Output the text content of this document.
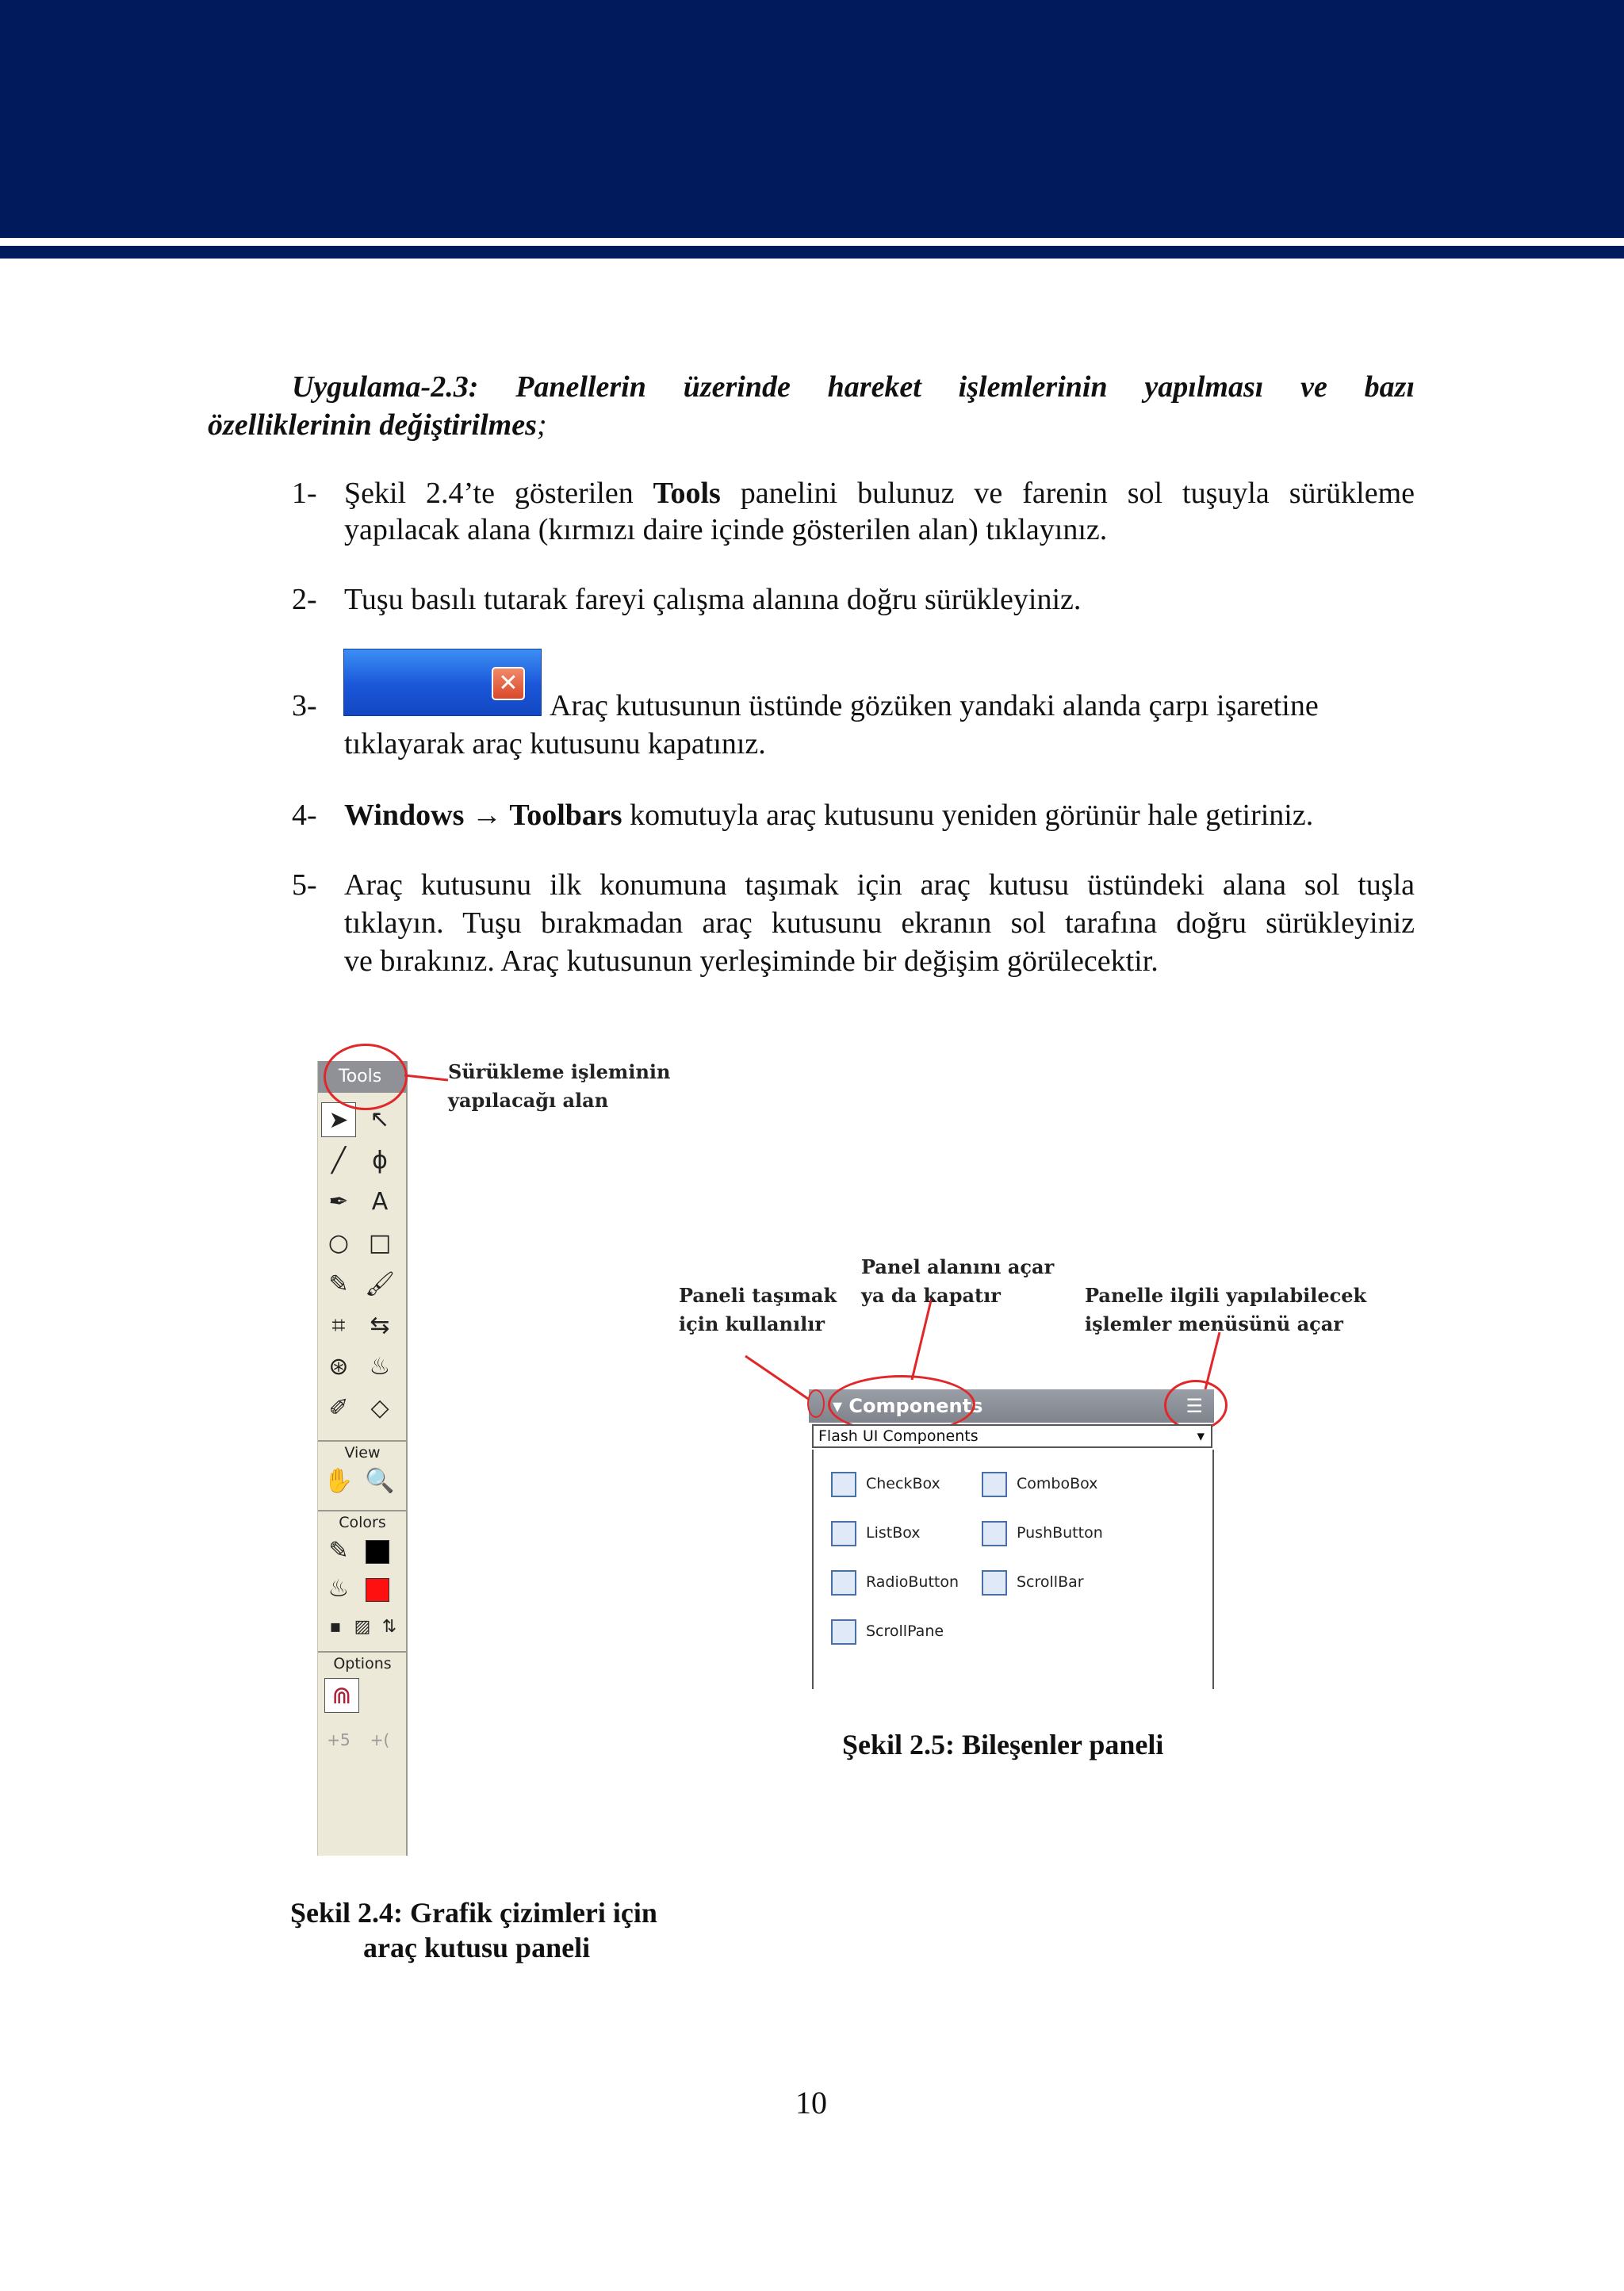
Uygulama-2.3: Panellerin üzerinde hareket işlemlerinin yapılması ve bazı
özelliklerinin değiştirilmes;
1- Şekil 2.4’te gösterilen Tools panelini bulunuz ve farenin sol tuşuyla sürükleme
yapılacak alana (kırmızı daire içinde gösterilen alan) tıklayınız.
2- Tuşu basılı tutarak fareyi çalışma alanına doğru sürükleyiniz.
3-
✕
Araç kutusunun üstünde gözüken yandaki alanda çarpı işaretine
tıklayarak araç kutusunu kapatınız.
4- Windows → Toolbars komutuyla araç kutusunu yeniden görünür hale getiriniz.
5- Araç kutusunu ilk konumuna taşımak için araç kutusu üstündeki alana sol tuşla
tıklayın. Tuşu bırakmadan araç kutusunu ekranın sol tarafına doğru sürükleyiniz
ve bırakınız. Araç kutusunun yerleşiminde bir değişim görülecektir.
Tools
➤ ↖
╱	ϕ
✒ A
○ □
✎ 🖌
⌗	⇆
⊛ ♨
✐ ◇
View
✋ 🔍
Colors
✎
♨
▪ ▨ ⇅
Options
⋒
+5	+(
Sürükleme işleminin
yapılacağı alan
Paneli taşımak
için kullanılır
Panel alanını açar
ya da kapatır	Panelle ilgili yapılabilecek
işlemler menüsünü açar
▾ Components	☰
Flash UI Components	▾
CheckBox	ComboBox
ListBox	PushButton
RadioButton	ScrollBar
ScrollPane
Şekil 2.5: Bileşenler paneli
Şekil 2.4: Grafik çizimleri için
araç kutusu paneli
10
